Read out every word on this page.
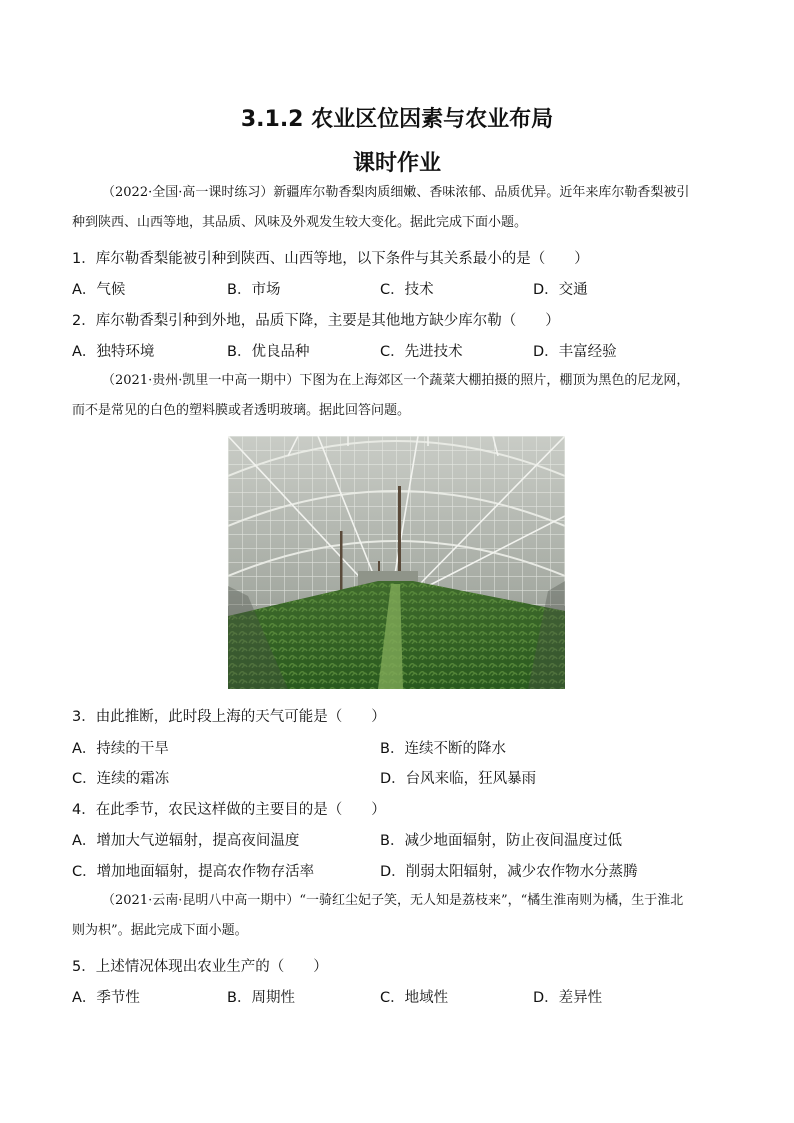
3.1.2 农业区位因素与农业布局
课时作业
（2022·全国·高一课时练习）新疆库尔勒香梨肉质细嫩、香味浓郁、品质优异。近年来库尔勒香梨被引
种到陕西、山西等地，其品质、风味及外观发生较大变化。据此完成下面小题。
1．库尔勒香梨能被引种到陕西、山西等地，以下条件与其关系最小的是（　　）
A．气候	B．市场	C．技术	D．交通
2．库尔勒香梨引种到外地，品质下降，主要是其他地方缺少库尔勒（　　）
A．独特环境	B．优良品种	C．先进技术	D．丰富经验
（2021·贵州·凯里一中高一期中）下图为在上海郊区一个蔬菜大棚拍摄的照片，棚顶为黑色的尼龙网，
而不是常见的白色的塑料膜或者透明玻璃。据此回答问题。
3．由此推断，此时段上海的天气可能是（　　）
A．持续的干旱	B．连续不断的降水
C．连续的霜冻	D．台风来临，狂风暴雨
4．在此季节，农民这样做的主要目的是（　　）
A．增加大气逆辐射，提高夜间温度	B．减少地面辐射，防止夜间温度过低
C．增加地面辐射，提高农作物存活率	D．削弱太阳辐射，减少农作物水分蒸腾
（2021·云南·昆明八中高一期中）“一骑红尘妃子笑，无人知是荔枝来”，“橘生淮南则为橘，生于淮北
则为枳”。据此完成下面小题。
5．上述情况体现出农业生产的（　　）
A．季节性	B．周期性	C．地域性	D．差异性
